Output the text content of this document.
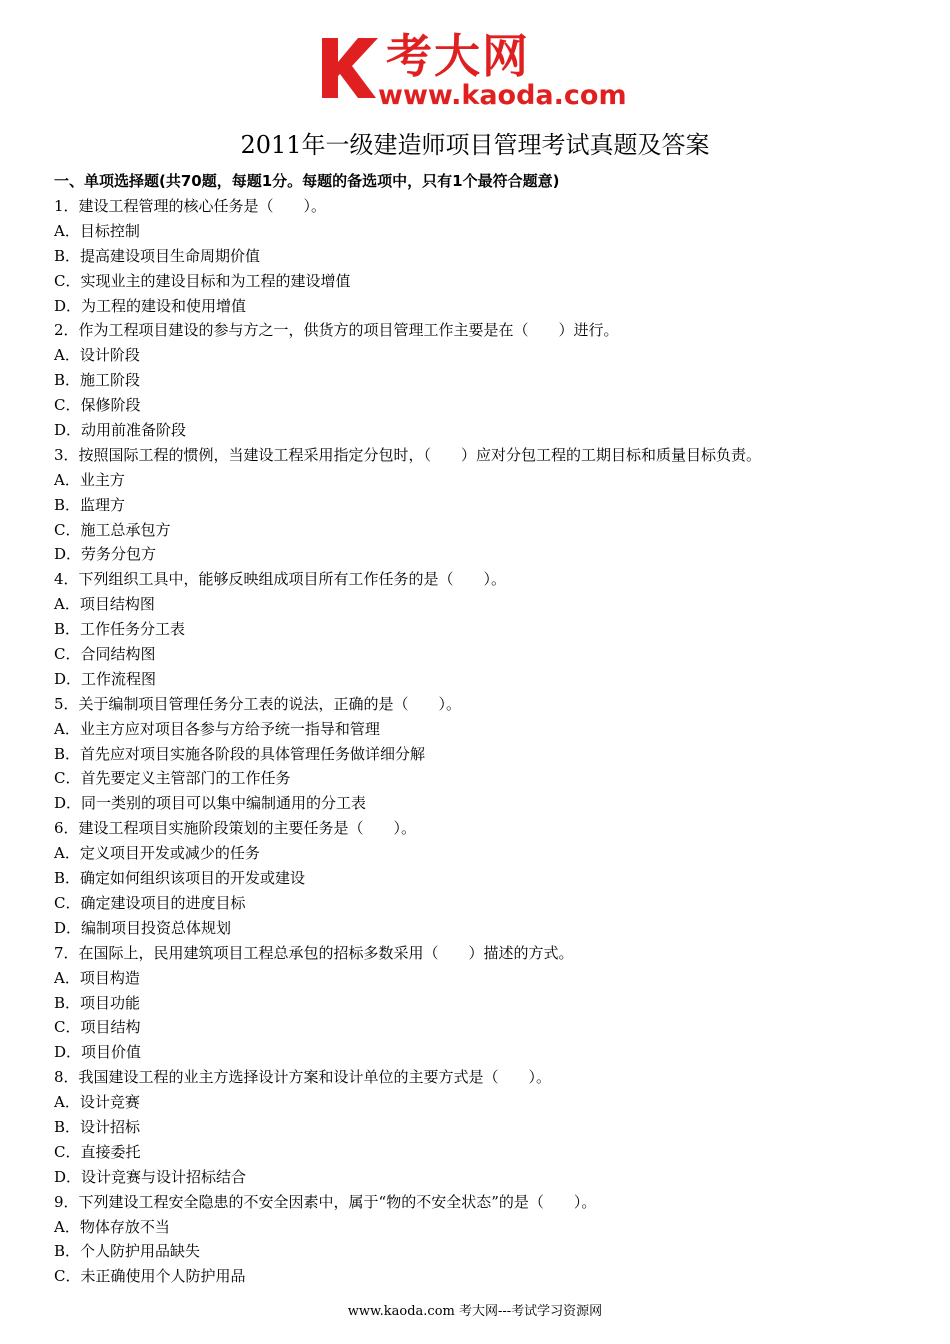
考大网
www.kaoda.com
2011年一级建造师项目管理考试真题及答案
一、单项选择题(共70题，每题1分。每题的备选项中，只有1个最符合题意)
1．建设工程管理的核心任务是（　　）。
A．目标控制
B．提高建设项目生命周期价值
C．实现业主的建设目标和为工程的建设增值
D．为工程的建设和使用增值
2．作为工程项目建设的参与方之一，供货方的项目管理工作主要是在（　　）进行。
A．设计阶段
B．施工阶段
C．保修阶段
D．动用前准备阶段
3．按照国际工程的惯例，当建设工程采用指定分包时，（　　）应对分包工程的工期目标和质量目标负责。
A．业主方
B．监理方
C．施工总承包方
D．劳务分包方
4．下列组织工具中，能够反映组成项目所有工作任务的是（　　）。
A．项目结构图
B．工作任务分工表
C．合同结构图
D．工作流程图
5．关于编制项目管理任务分工表的说法，正确的是（　　）。
A．业主方应对项目各参与方给予统一指导和管理
B．首先应对项目实施各阶段的具体管理任务做详细分解
C．首先要定义主管部门的工作任务
D．同一类别的项目可以集中编制通用的分工表
6．建设工程项目实施阶段策划的主要任务是（　　）。
A．定义项目开发或减少的任务
B．确定如何组织该项目的开发或建设
C．确定建设项目的进度目标
D．编制项目投资总体规划
7．在国际上，民用建筑项目工程总承包的招标多数采用（　　）描述的方式。
A．项目构造
B．项目功能
C．项目结构
D．项目价值
8．我国建设工程的业主方选择设计方案和设计单位的主要方式是（　　）。
A．设计竞赛
B．设计招标
C．直接委托
D．设计竞赛与设计招标结合
9．下列建设工程安全隐患的不安全因素中，属于“物的不安全状态”的是（　　）。
A．物体存放不当
B．个人防护用品缺失
C．未正确使用个人防护用品
www.kaoda.com 考大网---考试学习资源网
